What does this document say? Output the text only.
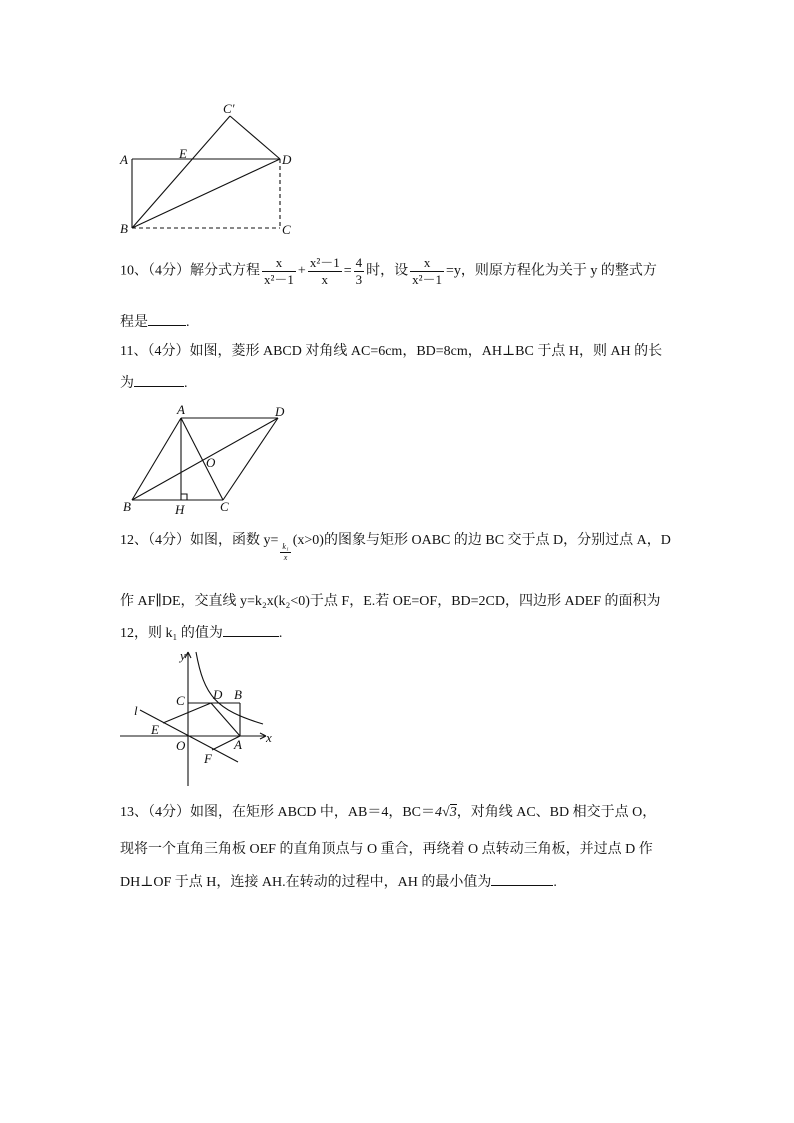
C′
A	E	D
B	C
10、（4分）解分式方程 $\frac{x}{\text{x²－1}} + \frac{\text{x²－1}}{x} = \frac{4}{3}$ 时，设 $\frac{x}{\text{x²－1}} =y$，则原方程化为关于 y 的整式方
程是	.
11、（4分）如图，菱形 ABCD 对角线 AC=6cm，BD=8cm，AH⊥BC 于点 H，则 AH 的长
为	.
A	D
O
B	H	C
12、（4分）如图，函数 y=
$\frac{\text{k₁}}{x}$
(x>0)的图象与矩形 OABC 的边 BC 交于点 D，分别过点 A，D
作 AF∥DE，交直线 y=k₂x(k₂<0)于点 F，E.若 OE=OF，BD=2CD，四边形 ADEF 的面积为
12，则 k₁ 的值为	.
y
x
C D B
l
E
O	A
F
13、（4分）如图，在矩形 ABCD 中，AB＝4，BC＝4√3，对角线 AC、BD 相交于点 O，
现将一个直角三角板 OEF 的直角顶点与 O 重合，再绕着 O 点转动三角板，并过点 D 作
DH⊥OF 于点 H，连接 AH.在转动的过程中，AH 的最小值为	.
